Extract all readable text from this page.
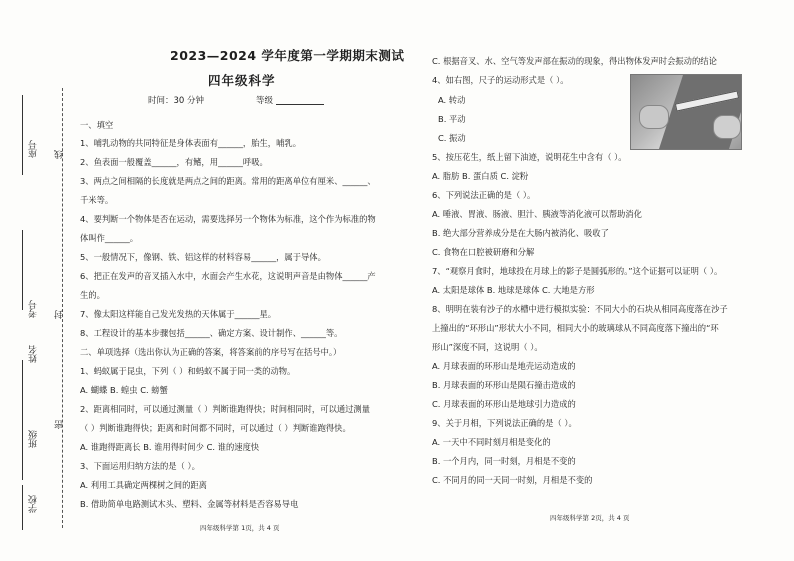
座号 线
考号 封
姓名
班级
密
学校
2023—2024 学年度第一学期期末测试
四年级科学
时间：30 分钟	等级
一、填空
1、哺乳动物的共同特征是身体表面有______，胎生，哺乳。
2、鱼表面一般覆盖______，有鳍，用______呼吸。
3、两点之间相隔的长度就是两点之间的距离。常用的距离单位有厘米、______、
千米等。
4、要判断一个物体是否在运动，需要选择另一个物体为标准，这个作为标准的物
体叫作______。
5、一般情况下，像钢、铁、铝这样的材料容易______，属于导体。
6、把正在发声的音叉插入水中，水面会产生水花，这说明声音是由物体______产
生的。
7、像太阳这样能自己发光发热的天体属于______星。
8、工程设计的基本步骤包括______、确定方案、设计制作、______等。
二、单项选择（选出你认为正确的答案，将答案前的序号写在括号中。）
1、蚂蚁属于昆虫，下列（ ）和蚂蚁不属于同一类的动物。
A. 蝴蝶 B. 蝗虫 C. 螃蟹
2、距离相同时，可以通过测量（ ）判断谁跑得快；时间相同时，可以通过测量
（ ）判断谁跑得快；距离和时间都不同时，可以通过（ ）判断谁跑得快。
A. 谁跑得距离长 B. 谁用得时间少 C. 谁的速度快
3、下面运用归纳方法的是（ ）。
A. 利用工具确定两棵树之间的距离
B. 借助简单电路测试木头、塑料、金属等材料是否容易导电
四年级科学第 1页，共 4 页
C. 根据音叉、水、空气等发声部在振动的现象，得出物体发声时会振动的结论
4、如右图，尺子的运动形式是（ ）。
A. 转动
B. 平动
C. 振动
5、按压花生，纸上留下油迹，说明花生中含有（ ）。
A. 脂肪 B. 蛋白质 C. 淀粉
6、下列说法正确的是（ ）。
A. 唾液、胃液、肠液、胆汁、胰液等消化液可以帮助消化
B. 绝大部分营养成分是在大肠内被消化、吸收了
C. 食物在口腔被研磨和分解
7、“观察月食时，地球投在月球上的影子是圆弧形的。”这个证据可以证明（ ）。
A. 太阳是球体 B. 地球是球体 C. 大地是方形
8、明明在装有沙子的水槽中进行模拟实验：不同大小的石块从相同高度落在沙子
上撞出的“环形山”形状大小不同，相同大小的玻璃球从不同高度落下撞出的“环
形山”深度不同，这说明（ ）。
A. 月球表面的环形山是地壳运动造成的
B. 月球表面的环形山是陨石撞击造成的
C. 月球表面的环形山是地球引力造成的
9、关于月相，下列说法正确的是（ ）。
A. 一天中不同时刻月相是变化的
B. 一个月内，同一时刻，月相是不变的
C. 不同月的同一天同一时刻，月相是不变的
四年级科学第 2页，共 4 页
